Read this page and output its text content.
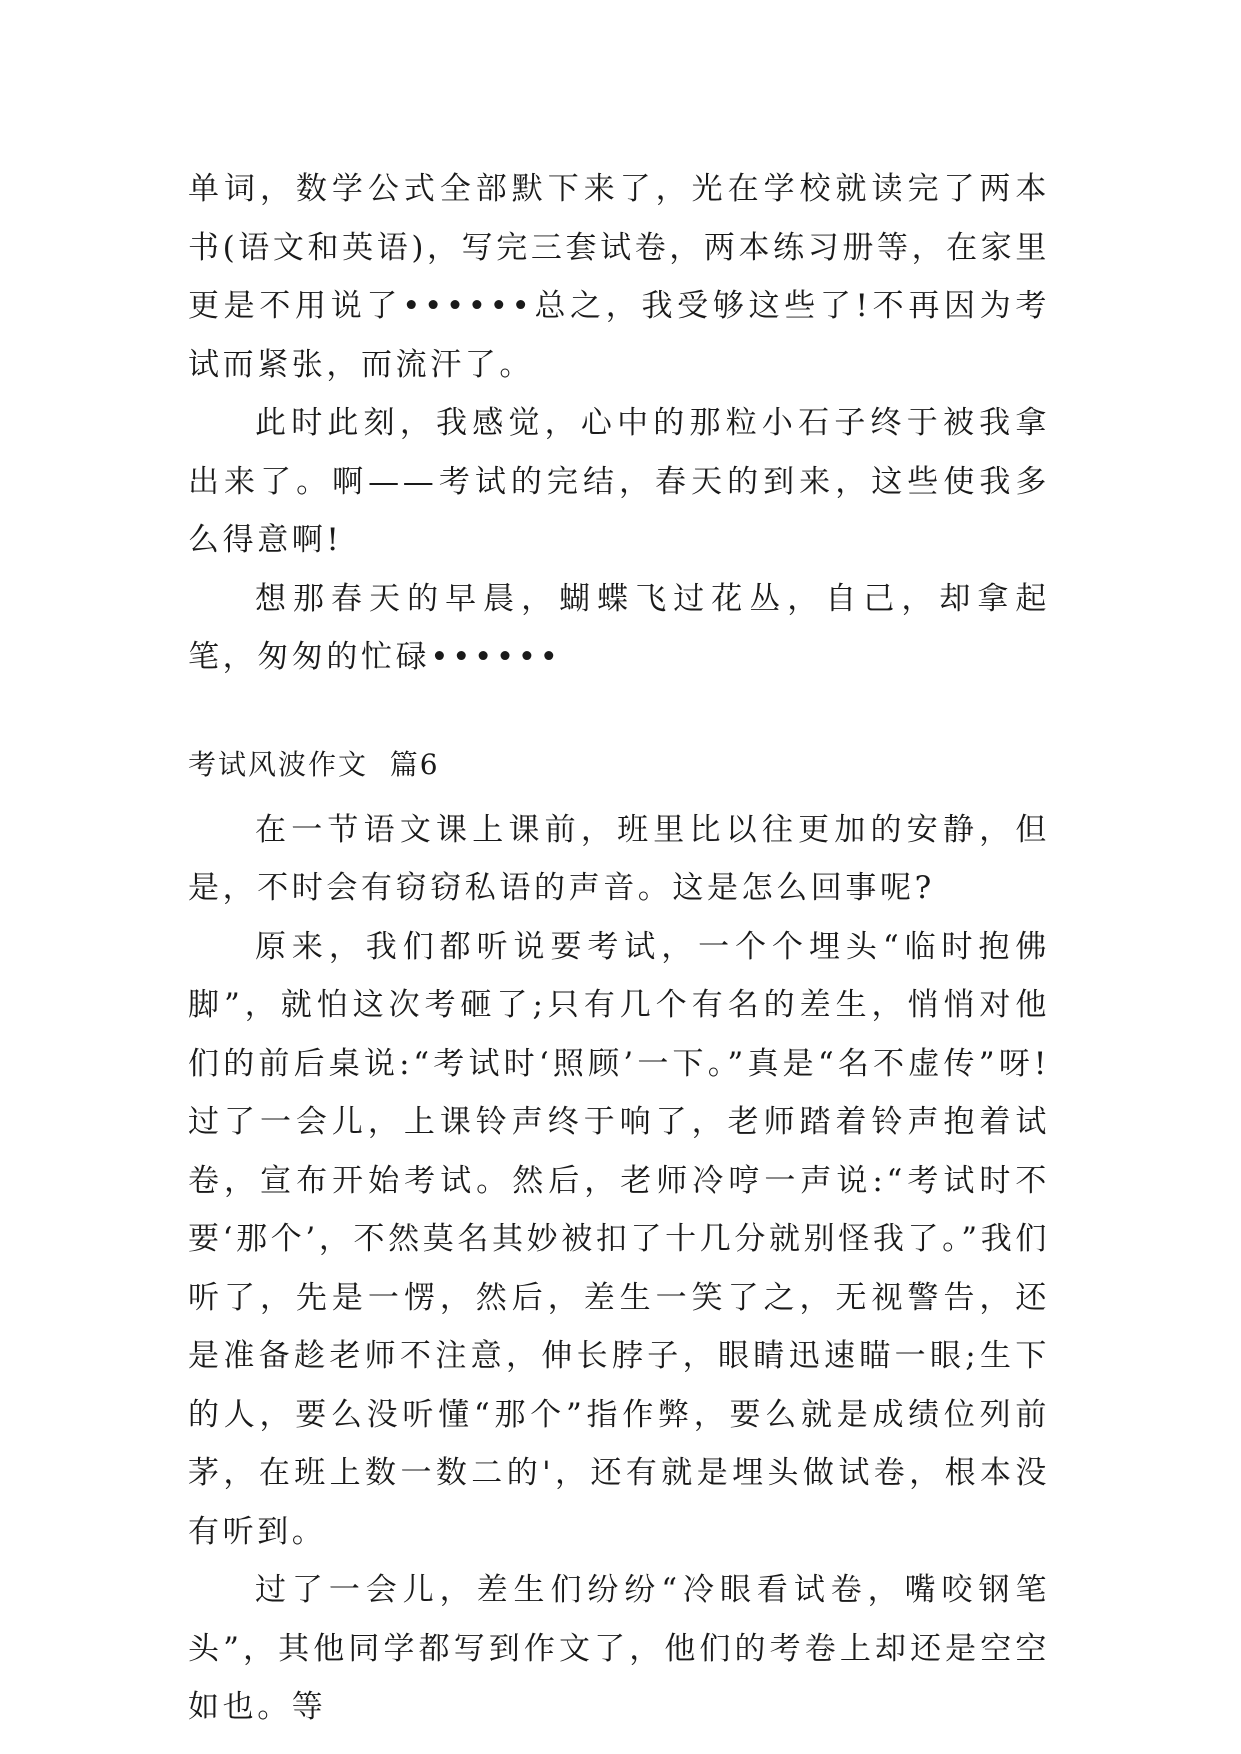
单词，数学公式全部默下来了，光在学校就读完了两本书(语文和英语)，写完三套试卷，两本练习册等，在家里更是不用说了••••••总之，我受够这些了!不再因为考试而紧张，而流汗了。

此时此刻，我感觉，心中的那粒小石子终于被我拿出来了。啊——考试的完结，春天的到来，这些使我多么得意啊!

想那春天的早晨，蝴蝶飞过花丛，自己，却拿起笔，匆匆的忙碌••••••

考试风波作文  篇6

在一节语文课上课前，班里比以往更加的安静，但是，不时会有窃窃私语的声音。这是怎么回事呢?

原来，我们都听说要考试，一个个埋头“临时抱佛脚”，就怕这次考砸了;只有几个有名的差生，悄悄对他们的前后桌说:“考试时‘照顾’一下。”真是“名不虚传”呀!过了一会儿，上课铃声终于响了，老师踏着铃声抱着试卷，宣布开始考试。然后，老师冷哼一声说:“考试时不要‘那个’，不然莫名其妙被扣了十几分就别怪我了。”我们听了，先是一愣，然后，差生一笑了之，无视警告，还是准备趁老师不注意，伸长脖子，眼睛迅速瞄一眼;生下的人，要么没听懂“那个”指作弊，要么就是成绩位列前茅，在班上数一数二的'，还有就是埋头做试卷，根本没有听到。

过了一会儿，差生们纷纷“冷眼看试卷，嘴咬钢笔头”，其他同学都写到作文了，他们的考卷上却还是空空如也。等
